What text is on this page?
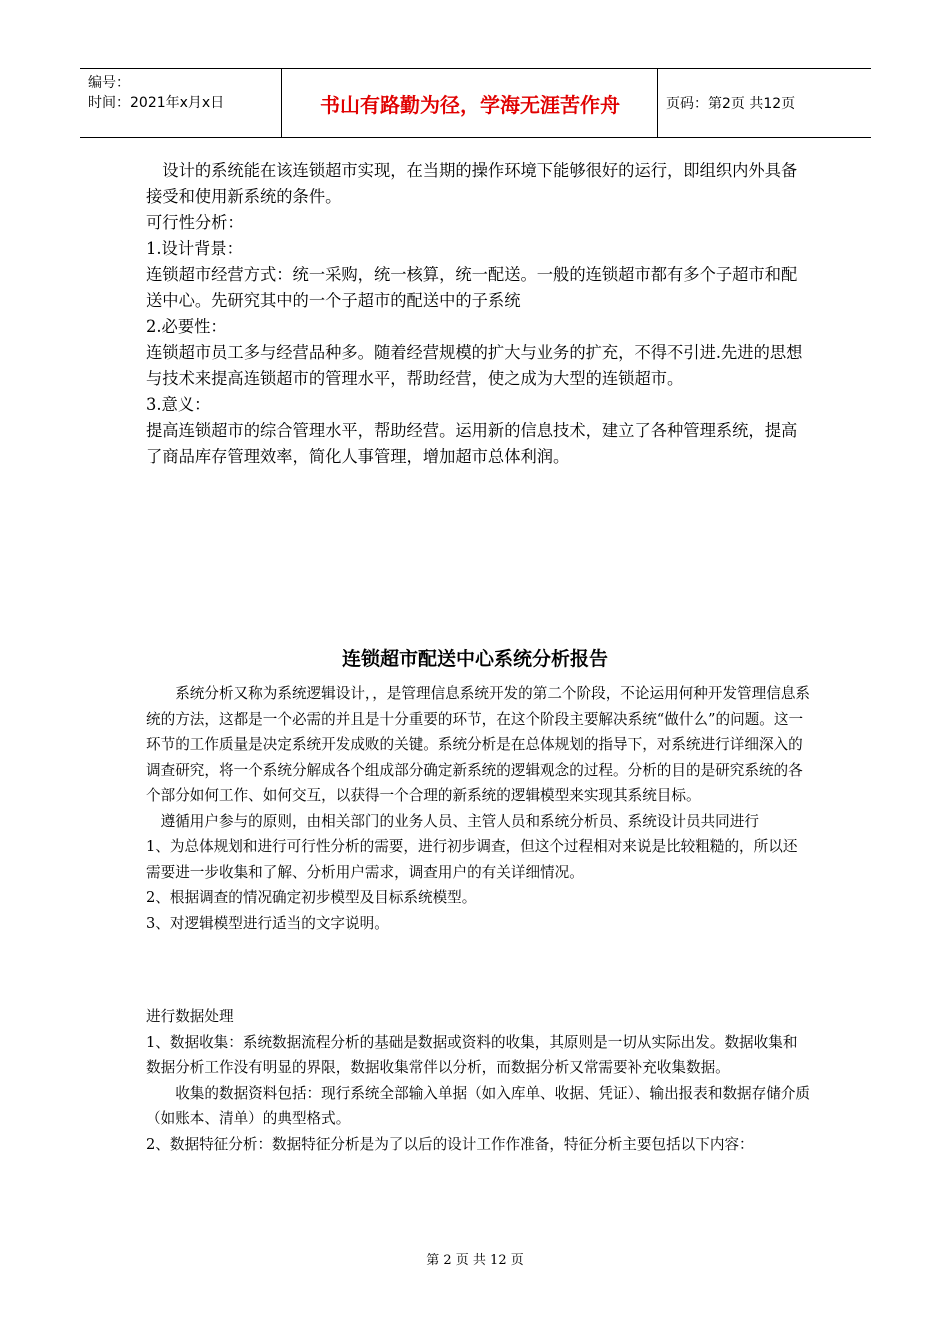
编号：
时间：2021年x月x日	书山有路勤为径，学海无涯苦作舟	页码：第2页 共12页

　设计的系统能在该连锁超市实现，在当期的操作环境下能够很好的运行，即组织内外具备接受和使用新系统的条件。

可行性分析：

1.设计背景：

连锁超市经营方式：统一采购，统一核算，统一配送。一般的连锁超市都有多个子超市和配送中心。先研究其中的一个子超市的配送中的子系统

2.必要性：

连锁超市员工多与经营品种多。随着经营规模的扩大与业务的扩充，不得不引进.先进的思想与技术来提高连锁超市的管理水平，帮助经营，使之成为大型的连锁超市。

3.意义：

提高连锁超市的综合管理水平，帮助经营。运用新的信息技术，建立了各种管理系统，提高了商品库存管理效率，简化人事管理，增加超市总体利润。

连锁超市配送中心系统分析报告

　　系统分析又称为系统逻辑设计，，是管理信息系统开发的第二个阶段，不论运用何种开发管理信息系统的方法，这都是一个必需的并且是十分重要的环节，在这个阶段主要解决系统“做什么”的问题。这一环节的工作质量是决定系统开发成败的关键。系统分析是在总体规划的指导下，对系统进行详细深入的调查研究，将一个系统分解成各个组成部分确定新系统的逻辑观念的过程。分析的目的是研究系统的各个部分如何工作、如何交互，以获得一个合理的新系统的逻辑模型来实现其系统目标。

　遵循用户参与的原则，由相关部门的业务人员、主管人员和系统分析员、系统设计员共同进行

1、为总体规划和进行可行性分析的需要，进行初步调查，但这个过程相对来说是比较粗糙的，所以还需要进一步收集和了解、分析用户需求，调查用户的有关详细情况。

2、根据调查的情况确定初步模型及目标系统模型。

3、对逻辑模型进行适当的文字说明。

进行数据处理

1、数据收集：系统数据流程分析的基础是数据或资料的收集，其原则是一切从实际出发。数据收集和数据分析工作没有明显的界限，数据收集常伴以分析，而数据分析又常需要补充收集数据。

　　收集的数据资料包括：现行系统全部输入单据（如入库单、收据、凭证）、输出报表和数据存储介质（如账本、清单）的典型格式。

2、数据特征分析：数据特征分析是为了以后的设计工作作准备，特征分析主要包括以下内容：

第 2 页 共 12 页
